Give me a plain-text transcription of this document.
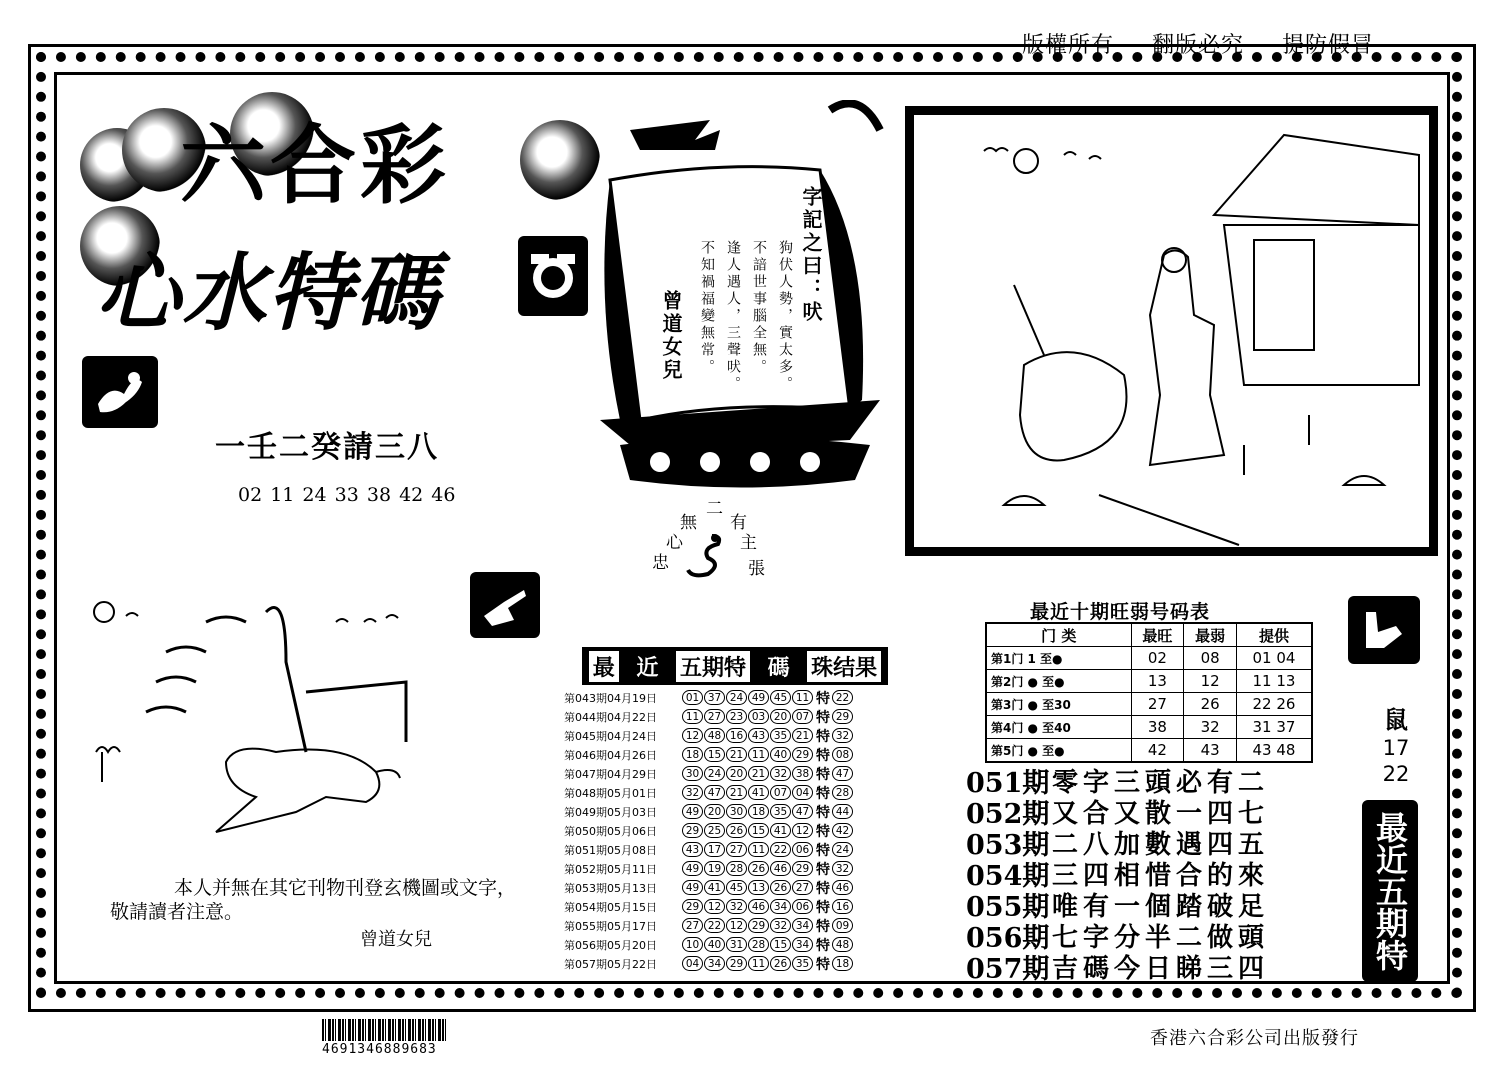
版權所有 翻版必究 提防假冒
六合彩
心水特碼
一壬二癸請三八
02 11 24 33 38 42 46
字記之曰：吠
狗伏人勢，實太多。
不諳世事腦全無。
逢人遇人，三聲吠。
不知禍福變無常。
曾道女兒
無
二
有
心	主
忠	張
最 近 五期特 碼 珠结果
第043期04月19日	01 37 24 49 45 11 特 22
第044期04月22日	11 27 23 03 20 07 特 29
第045期04月24日	12 48 16 43 35 21 特 32
第046期04月26日	18 15 21 11 40 29 特 08
第047期04月29日	30 24 20 21 32 38 特 47
第048期05月01日	32 47 21 41 07 04 特 28
第049期05月03日	49 20 30 18 35 47 特 44
第050期05月06日	29 25 26 15 41 12 特 42
第051期05月08日	43 17 27 11 22 06 特 24
第052期05月11日	49 19 28 26 46 29 特 32
第053期05月13日	49 41 45 13 26 27 特 46
第054期05月15日	29 12 32 46 34 06 特 16
第055期05月17日	27 22 12 29 32 34 特 09
第056期05月20日	10 40 31 28 15 34 特 48
第057期05月22日	04 34 29 11 26 35 特 18
最近十期旺弱号码表
门 类	最旺	最弱	提供
第1门 1 至●	02	08	01 04
第2门 ● 至●	13	12	11 13
第3门 ● 至30	27	26	22 26
第4门 ● 至40	38	32	31 37
第5门 ● 至●	42	43	43 48
051期 零字三頭必有二
052期 又合又散一四七
053期 二八加數遇四五
054期 三四相惜合的來
055期 唯有一個踏破足
056期 七字分半二做頭
057期 吉碼今日睇三四
鼠
17
22
最近五期特码诗
本人并無在其它刊物刊登玄機圖或文字，
敬請讀者注意。
曾道女兒
4691346889683
香港六合彩公司出版發行
